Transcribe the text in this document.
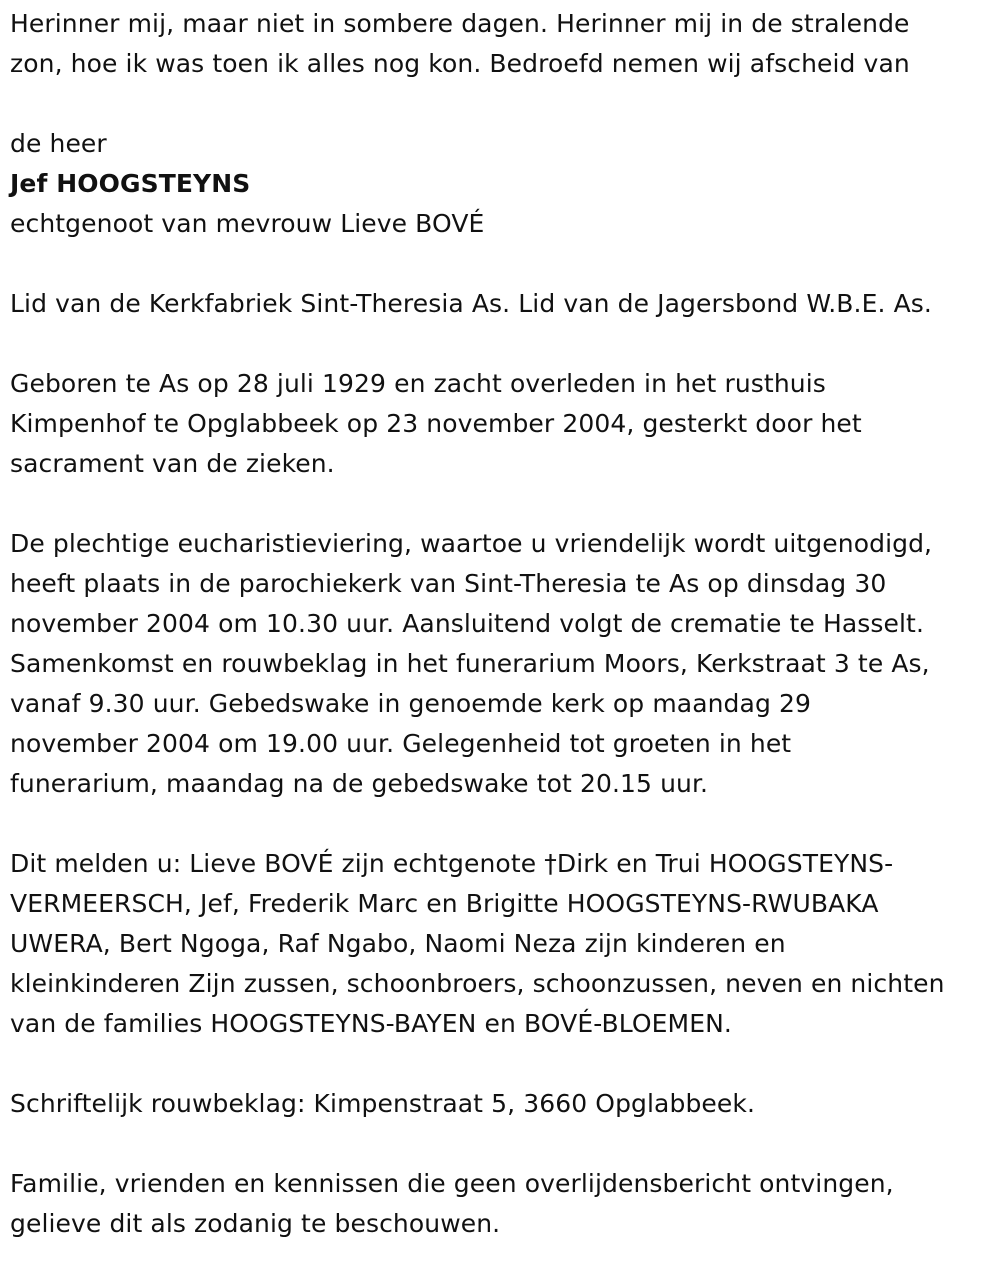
Herinner mij, maar niet in sombere dagen. Herinner mij in de stralende
zon, hoe ik was toen ik alles nog kon. Bedroefd nemen wij afscheid van

de heer

Jef HOOGSTEYNS

echtgenoot van mevrouw Lieve BOVÉ

Lid van de Kerkfabriek Sint-Theresia As. Lid van de Jagersbond W.B.E. As.

Geboren te As op 28 juli 1929 en zacht overleden in het rusthuis
Kimpenhof te Opglabbeek op 23 november 2004, gesterkt door het
sacrament van de zieken.

De plechtige eucharistieviering, waartoe u vriendelijk wordt uitgenodigd,
heeft plaats in de parochiekerk van Sint-Theresia te As op dinsdag 30
november 2004 om 10.30 uur. Aansluitend volgt de crematie te Hasselt.
Samenkomst en rouwbeklag in het funerarium Moors, Kerkstraat 3 te As,
vanaf 9.30 uur. Gebedswake in genoemde kerk op maandag 29
november 2004 om 19.00 uur. Gelegenheid tot groeten in het
funerarium, maandag na de gebedswake tot 20.15 uur.

Dit melden u: Lieve BOVÉ zijn echtgenote †Dirk en Trui HOOGSTEYNS-
VERMEERSCH, Jef, Frederik Marc en Brigitte HOOGSTEYNS-RWUBAKA
UWERA, Bert Ngoga, Raf Ngabo, Naomi Neza zijn kinderen en
kleinkinderen Zijn zussen, schoonbroers, schoonzussen, neven en nichten
van de families HOOGSTEYNS-BAYEN en BOVÉ-BLOEMEN.

Schriftelijk rouwbeklag: Kimpenstraat 5, 3660 Opglabbeek.

Familie, vrienden en kennissen die geen overlijdensbericht ontvingen,
gelieve dit als zodanig te beschouwen.
